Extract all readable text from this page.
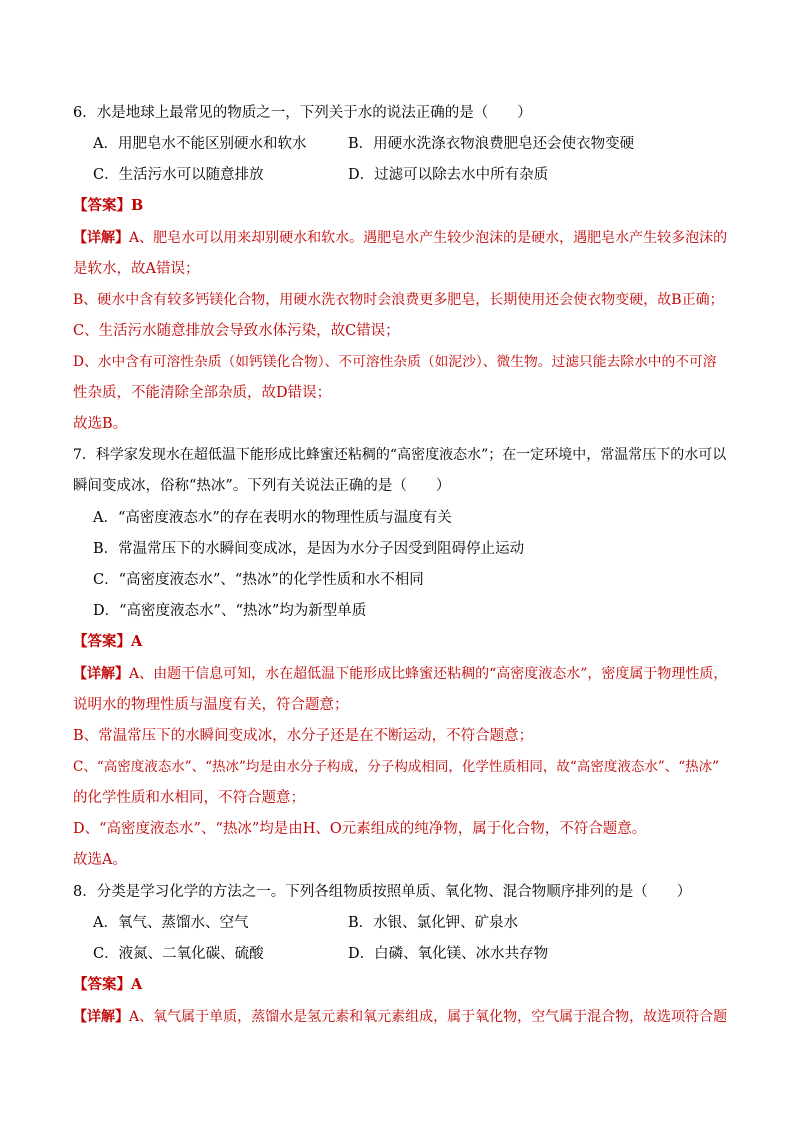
6．水是地球上最常见的物质之一，下列关于水的说法正确的是（　　）
A．用肥皂水不能区别硬水和软水	B．用硬水洗涤衣物浪费肥皂还会使衣物变硬
C．生活污水可以随意排放	D．过滤可以除去水中所有杂质
【答案】B
【详解】A、肥皂水可以用来却别硬水和软水。遇肥皂水产生较少泡沫的是硬水，遇肥皂水产生较多泡沫的
是软水，故A错误；
B、硬水中含有较多钙镁化合物，用硬水洗衣物时会浪费更多肥皂，长期使用还会使衣物变硬，故B正确；
C、生活污水随意排放会导致水体污染，故C错误；
D、水中含有可溶性杂质（如钙镁化合物）、不可溶性杂质（如泥沙）、微生物。过滤只能去除水中的不可溶
性杂质，不能清除全部杂质，故D错误；
故选B。
7．科学家发现水在超低温下能形成比蜂蜜还粘稠的“高密度液态水”；在一定环境中，常温常压下的水可以
瞬间变成冰，俗称“热冰”。下列有关说法正确的是（　　）
A．“高密度液态水”的存在表明水的物理性质与温度有关
B．常温常压下的水瞬间变成冰，是因为水分子因受到阻碍停止运动
C．“高密度液态水”、“热冰”的化学性质和水不相同
D．“高密度液态水”、“热冰”均为新型单质
【答案】A
【详解】A、由题干信息可知，水在超低温下能形成比蜂蜜还粘稠的“高密度液态水”，密度属于物理性质，
说明水的物理性质与温度有关，符合题意；
B、常温常压下的水瞬间变成冰，水分子还是在不断运动，不符合题意；
C、“高密度液态水”、“热冰”均是由水分子构成，分子构成相同，化学性质相同，故“高密度液态水”、“热冰”
的化学性质和水相同，不符合题意；
D、“高密度液态水”、“热冰”均是由H、O元素组成的纯净物，属于化合物，不符合题意。
故选A。
8．分类是学习化学的方法之一。下列各组物质按照单质、氧化物、混合物顺序排列的是（　　）
A．氧气、蒸馏水、空气	B．水银、氯化钾、矿泉水
C．液氮、二氧化碳、硫酸	D．白磷、氧化镁、冰水共存物
【答案】A
【详解】A、氧气属于单质，蒸馏水是氢元素和氧元素组成，属于氧化物，空气属于混合物，故选项符合题
